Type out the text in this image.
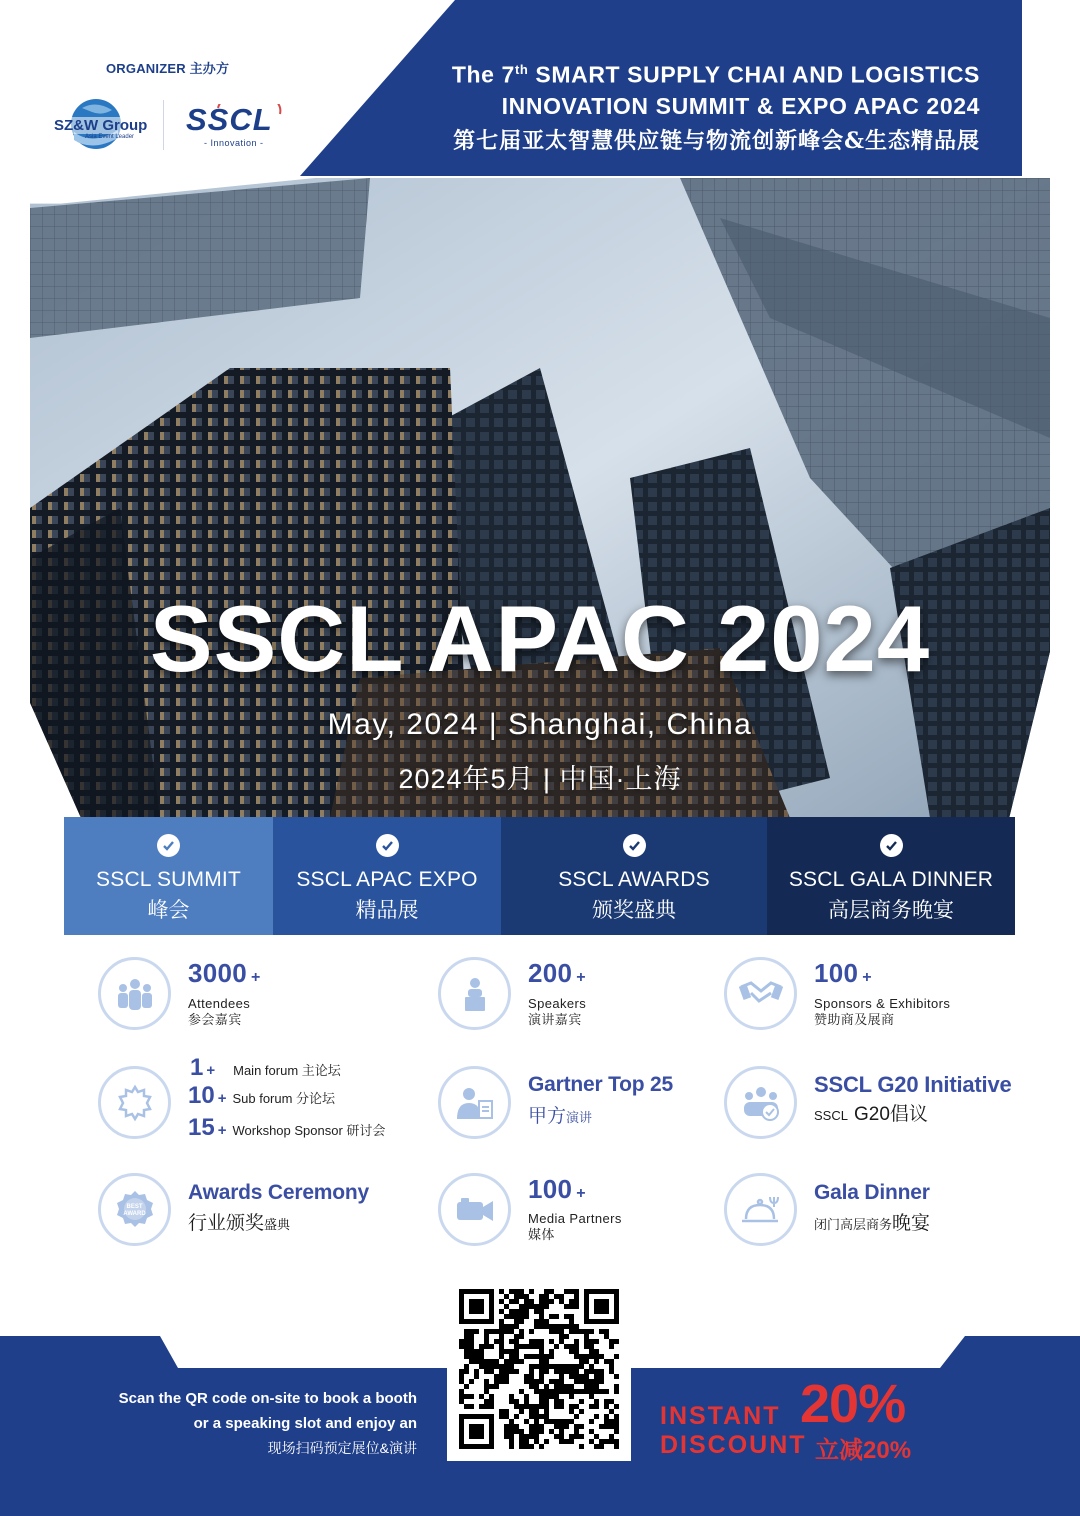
ORGANIZER 主办方
SZ&W Group
Asia Event Leader SSCL
- Innovation -
The 7th SMART SUPPLY CHAI AND LOGISTICS
INNOVATION SUMMIT & EXPO APAC 2024
第七届亚太智慧供应链与物流创新峰会&生态精品展
SSCL APAC 2024
May, 2024 | Shanghai, China
2024年5月 | 中国·上海
SSCL SUMMIT
峰会
SSCL APAC EXPO
精品展
SSCL AWARDS
颁奖盛典
SSCL GALA DINNER
高层商务晚宴
3000 +
Attendees
参会嘉宾
200 +
Speakers
演讲嘉宾
100 +
Sponsors & Exhibitors
赞助商及展商
1 + Main forum 主论坛
10 + Sub forum 分论坛
15 + Workshop Sponsor 研讨会
Gartner Top 25
甲方演讲
SSCL G20 Initiative
SSCL G20倡议
BEST AWARD
Awards Ceremony
行业颁奖盛典
100 +
Media Partners
媒体
Gala Dinner
闭门高层商务晚宴
Scan the QR code on-site to book a booth
or a speaking slot and enjoy an
现场扫码预定展位&演讲
INSTANT 20%
DISCOUNT 立减20%
